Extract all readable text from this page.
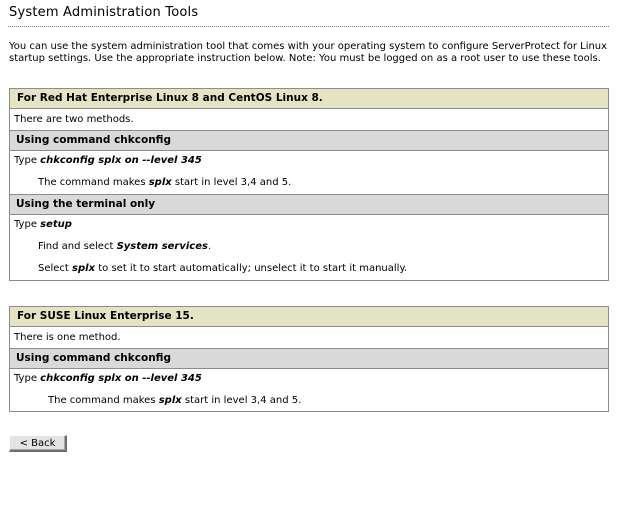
System Administration Tools

You can use the system administration tool that comes with your operating system to configure ServerProtect for Linux startup settings. Use the appropriate instruction below. Note: You must be logged on as a root user to use these tools.

For Red Hat Enterprise Linux 8 and CentOS Linux 8.
There are two methods.
Using command chkconfig
Type chkconfig splx on --level 345
The command makes splx start in level 3,4 and 5.
Using the terminal only
Type setup
Find and select System services.
Select splx to set it to start automatically; unselect it to start it manually.
For SUSE Linux Enterprise 15.
There is one method.
Using command chkconfig
Type chkconfig splx on --level 345
The command makes splx start in level 3,4 and 5.
< Back
